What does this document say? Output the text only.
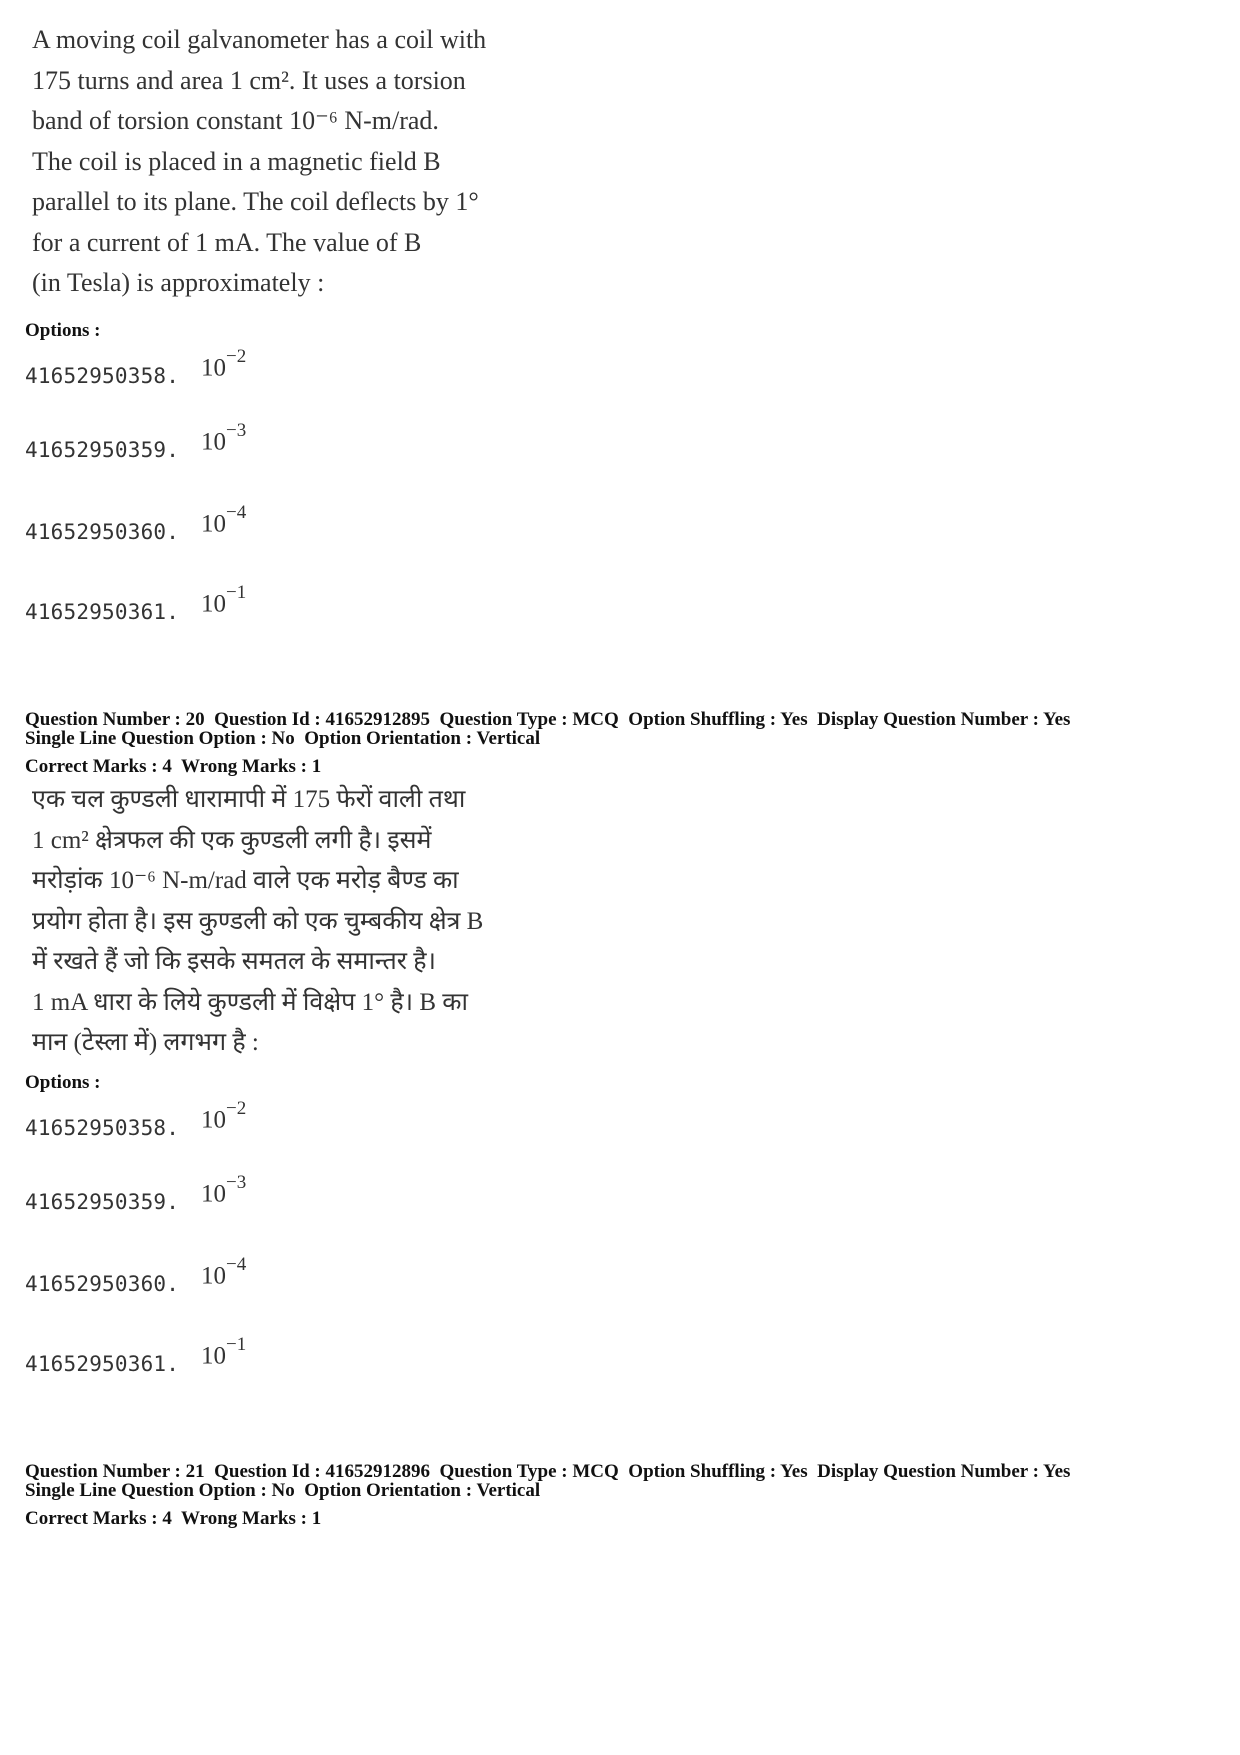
A moving coil galvanometer has a coil with
175 turns and area 1 cm². It uses a torsion
band of torsion constant 10⁻⁶ N-m/rad.
The coil is placed in a magnetic field B
parallel to its plane. The coil deflects by 1°
for a current of 1 mA. The value of B
(in Tesla) is approximately :
Options :
41652950358. $10^{-2}$
41652950359. $10^{-3}$
41652950360. $10^{-4}$
41652950361. $10^{-1}$
Question Number : 20  Question Id : 41652912895  Question Type : MCQ  Option Shuffling : Yes  Display Question Number : Yes
Single Line Question Option : No  Option Orientation : Vertical
Correct Marks : 4  Wrong Marks : 1
एक चल कुण्डली धारामापी में 175 फेरों वाली तथा
1 cm² क्षेत्रफल की एक कुण्डली लगी है। इसमें
मरोड़ांक 10⁻⁶ N-m/rad वाले एक मरोड़ बैण्ड का
प्रयोग होता है। इस कुण्डली को एक चुम्बकीय क्षेत्र B
में रखते हैं जो कि इसके समतल के समान्तर है।
1 mA धारा के लिये कुण्डली में विक्षेप 1° है। B का
मान (टेस्ला में) लगभग है :
Options :
41652950358. $10^{-2}$
41652950359. $10^{-3}$
41652950360. $10^{-4}$
41652950361. $10^{-1}$
Question Number : 21  Question Id : 41652912896  Question Type : MCQ  Option Shuffling : Yes  Display Question Number : Yes
Single Line Question Option : No  Option Orientation : Vertical
Correct Marks : 4  Wrong Marks : 1
